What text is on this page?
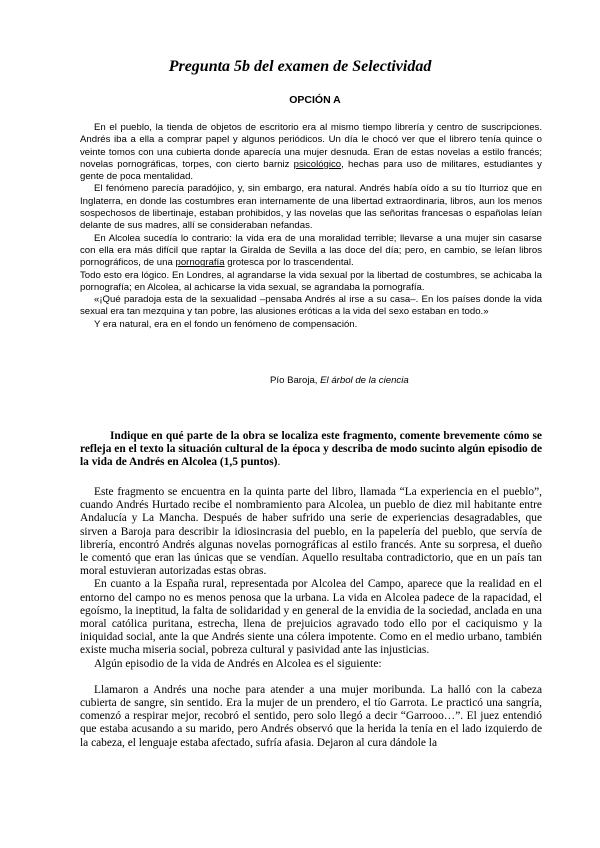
Pregunta 5b del examen de Selectividad
OPCIÓN A

En el pueblo, la tienda de objetos de escritorio era al mismo tiempo librería y centro de suscripciones. Andrés iba a ella a comprar papel y algunos periódicos. Un día le chocó ver que el librero tenía quince o veinte tomos con una cubierta donde aparecía una mujer desnuda. Eran de estas novelas a estilo francés; novelas pornográficas, torpes, con cierto barniz psicológico, hechas para uso de militares, estudiantes y gente de poca mentalidad.

El fenómeno parecía paradójico, y, sin embargo, era natural. Andrés había oído a su tío Iturrioz que en Inglaterra, en donde las costumbres eran internamente de una libertad extraordinaria, libros, aun los menos sospechosos de libertinaje, estaban prohibidos, y las novelas que las señoritas francesas o españolas leían delante de sus madres, allí se consideraban nefandas.

En Alcolea sucedía lo contrario: la vida era de una moralidad terrible; llevarse a una mujer sin casarse con ella era más difícil que raptar la Giralda de Sevilla a las doce del día; pero, en cambio, se leían libros pornográficos, de una pornografía grotesca por lo trascendental.

Todo esto era lógico. En Londres, al agrandarse la vida sexual por la libertad de costumbres, se achicaba la pornografía; en Alcolea, al achicarse la vida sexual, se agrandaba la pornografía.

«¡Qué paradoja esta de la sexualidad –pensaba Andrés al irse a su casa–. En los países donde la vida sexual era tan mezquina y tan pobre, las alusiones eróticas a la vida del sexo estaban en todo.»

Y era natural, era en el fondo un fenómeno de compensación.

Pío Baroja, El árbol de la ciencia

Indique en qué parte de la obra se localiza este fragmento, comente brevemente cómo se refleja en el texto la situación cultural de la época y describa de modo sucinto algún episodio de la vida de Andrés en Alcolea (1,5 puntos).

Este fragmento se encuentra en la quinta parte del libro, llamada “La experiencia en el pueblo”, cuando Andrés Hurtado recibe el nombramiento para Alcolea, un pueblo de diez mil habitante entre Andalucía y La Mancha. Después de haber sufrido una serie de experiencias desagradables, que sirven a Baroja para describir la idiosincrasia del pueblo, en la papelería del pueblo, que servía de librería, encontró Andrés algunas novelas pornográficas al estilo francés. Ante su sorpresa, el dueño le comentó que eran las únicas que se vendían. Aquello resultaba contradictorio, que en un país tan moral estuvieran autorizadas estas obras.

En cuanto a la España rural, representada por Alcolea del Campo, aparece que la realidad en el entorno del campo no es menos penosa que la urbana. La vida en Alcolea padece de la rapacidad, el egoísmo, la ineptitud, la falta de solidaridad y en general de la envidia de la sociedad, anclada en una moral católica puritana, estrecha, llena de prejuicios agravado todo ello por el caciquismo y la iniquidad social, ante la que Andrés siente una cólera impotente. Como en el medio urbano, también existe mucha miseria social, pobreza cultural y pasividad ante las injusticias.

Algún episodio de la vida de Andrés en Alcolea es el siguiente:

Llamaron a Andrés una noche para atender a una mujer moribunda. La halló con la cabeza cubierta de sangre, sin sentido. Era la mujer de un prendero, el tío Garrota. Le practicó una sangría, comenzó a respirar mejor, recobró el sentido, pero solo llegó a decir “Garrooo…”. El juez entendió que estaba acusando a su marido, pero Andrés observó que la herida la tenía en el lado izquierdo de la cabeza, el lenguaje estaba afectado, sufría afasia. Dejaron al cura dándole la
